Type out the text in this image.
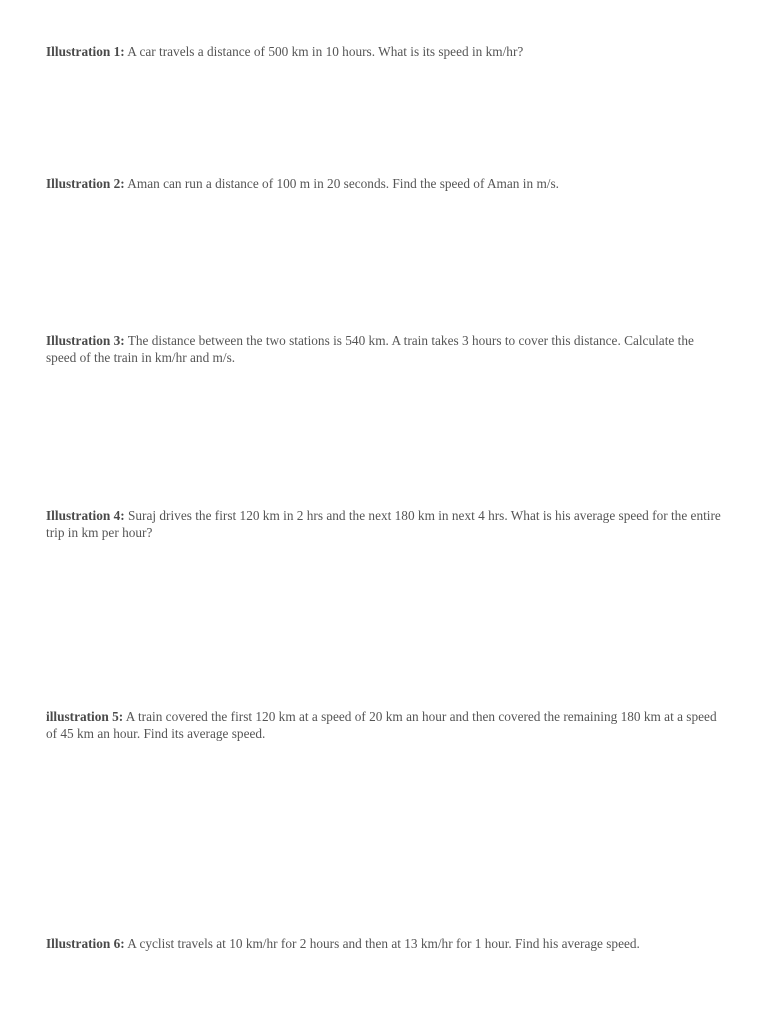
Illustration 1: A car travels a distance of 500 km in 10 hours. What is its speed in km/hr?

Illustration 2: Aman can run a distance of 100 m in 20 seconds. Find the speed of Aman in m/s.

Illustration 3: The distance between the two stations is 540 km. A train takes 3 hours to cover this distance. Calculate the speed of the train in km/hr and m/s.

Illustration 4: Suraj drives the first 120 km in 2 hrs and the next 180 km in next 4 hrs. What is his average speed for the entire trip in km per hour?

illustration 5: A train covered the first 120 km at a speed of 20 km an hour and then covered the remaining 180 km at a speed of 45 km an hour. Find its average speed.

Illustration 6: A cyclist travels at 10 km/hr for 2 hours and then at 13 km/hr for 1 hour. Find his average speed.
